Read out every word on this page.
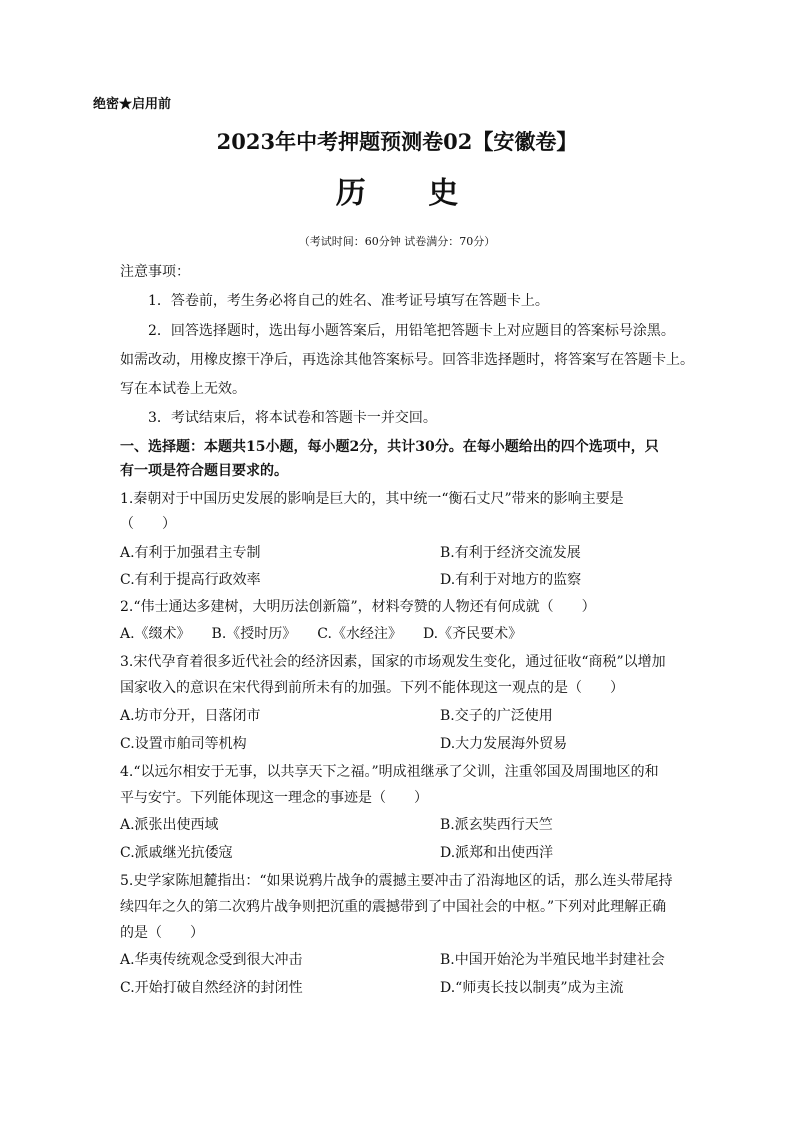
绝密★启用前
2023年中考押题预测卷02【安徽卷】
历 史
（考试时间：60分钟 试卷满分：70分）
注意事项：
1．答卷前，考生务必将自己的姓名、准考证号填写在答题卡上。
2．回答选择题时，选出每小题答案后，用铅笔把答题卡上对应题目的答案标号涂黑。
如需改动，用橡皮擦干净后，再选涂其他答案标号。回答非选择题时，将答案写在答题卡上。
写在本试卷上无效。
3．考试结束后，将本试卷和答题卡一并交回。
一、选择题：本题共15小题，每小题2分，共计30分。在每小题给出的四个选项中，只
有一项是符合题目要求的。
1.秦朝对于中国历史发展的影响是巨大的，其中统一“衡石丈尺”带来的影响主要是
（　　）
A.有利于加强君主专制	B.有利于经济交流发展
C.有利于提高行政效率	D.有利于对地方的监察
2.“伟士通达多建树，大明历法创新篇”，材料夸赞的人物还有何成就（　　）
A.《缀术》　　B.《授时历》　　C.《水经注》　　D.《齐民要术》
3.宋代孕育着很多近代社会的经济因素，国家的市场观发生变化，通过征收“商税”以增加
国家收入的意识在宋代得到前所未有的加强。下列不能体现这一观点的是（　　）
A.坊市分开，日落闭市	B.交子的广泛使用
C.设置市舶司等机构	D.大力发展海外贸易
4.“以远尔相安于无事，以共享天下之福。”明成祖继承了父训，注重邻国及周围地区的和
平与安宁。下列能体现这一理念的事迹是（　　）
A.派张出使西域	B.派玄奘西行天竺
C.派戚继光抗倭寇	D.派郑和出使西洋
5.史学家陈旭麓指出：“如果说鸦片战争的震撼主要冲击了沿海地区的话，那么连头带尾持
续四年之久的第二次鸦片战争则把沉重的震撼带到了中国社会的中枢。”下列对此理解正确
的是（　　）
A.华夷传统观念受到很大冲击	B.中国开始沦为半殖民地半封建社会
C.开始打破自然经济的封闭性	D.“师夷长技以制夷”成为主流
